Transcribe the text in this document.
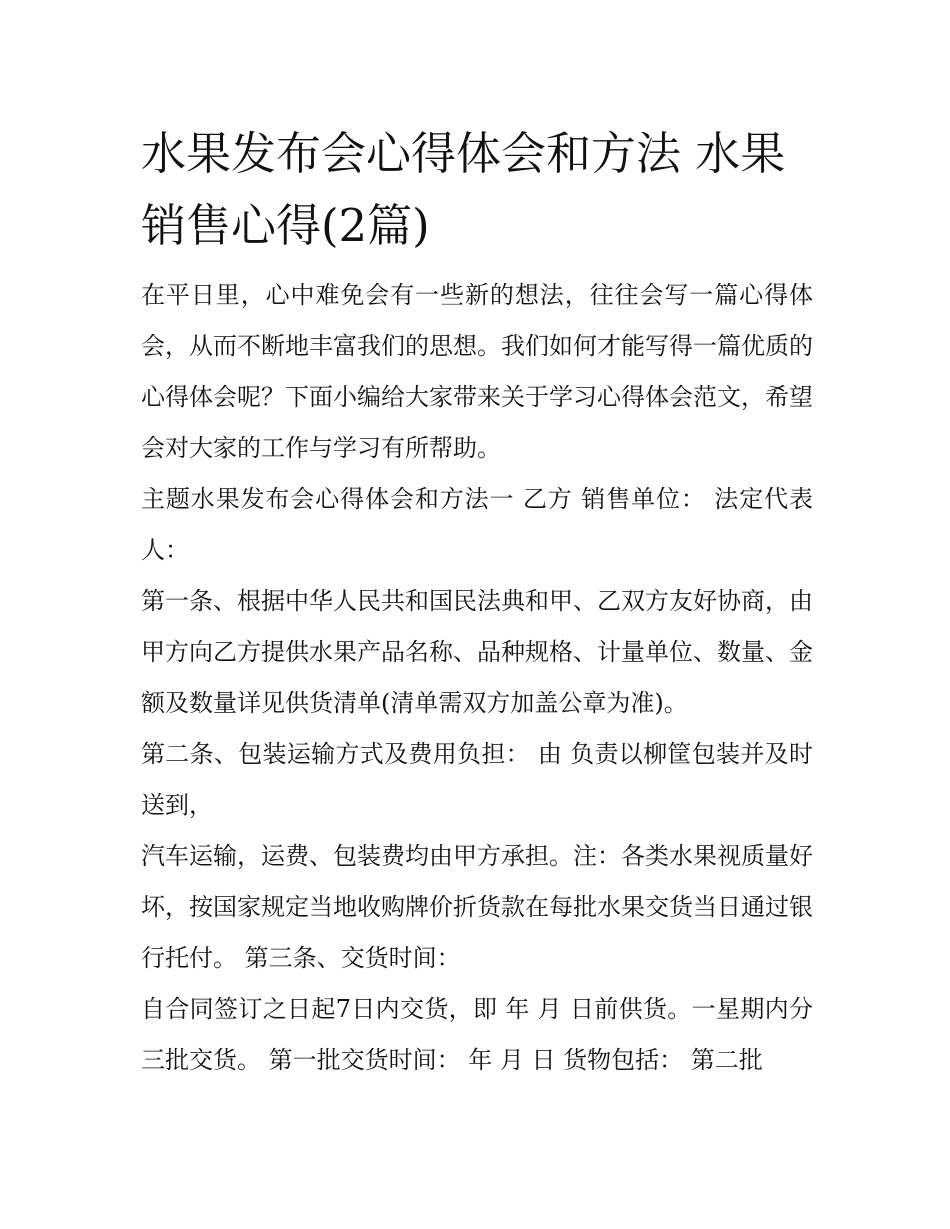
水果发布会心得体会和方法 水果销售心得(2篇)

在平日里，心中难免会有一些新的想法，往往会写一篇心得体会，从而不断地丰富我们的思想。我们如何才能写得一篇优质的心得体会呢？下面小编给大家带来关于学习心得体会范文，希望会对大家的工作与学习有所帮助。

主题水果发布会心得体会和方法一 乙方 销售单位： 法定代表人：

第一条、根据中华人民共和国民法典和甲、乙双方友好协商，由甲方向乙方提供水果产品名称、品种规格、计量单位、数量、金额及数量详见供货清单(清单需双方加盖公章为准)。

第二条、包装运输方式及费用负担： 由 负责以柳筐包装并及时送到，

汽车运输，运费、包装费均由甲方承担。注：各类水果视质量好坏，按国家规定当地收购牌价折货款在每批水果交货当日通过银行托付。 第三条、交货时间：

自合同签订之日起7日内交货，即 年 月 日前供货。一星期内分三批交货。 第一批交货时间： 年 月 日 货物包括： 第二批
